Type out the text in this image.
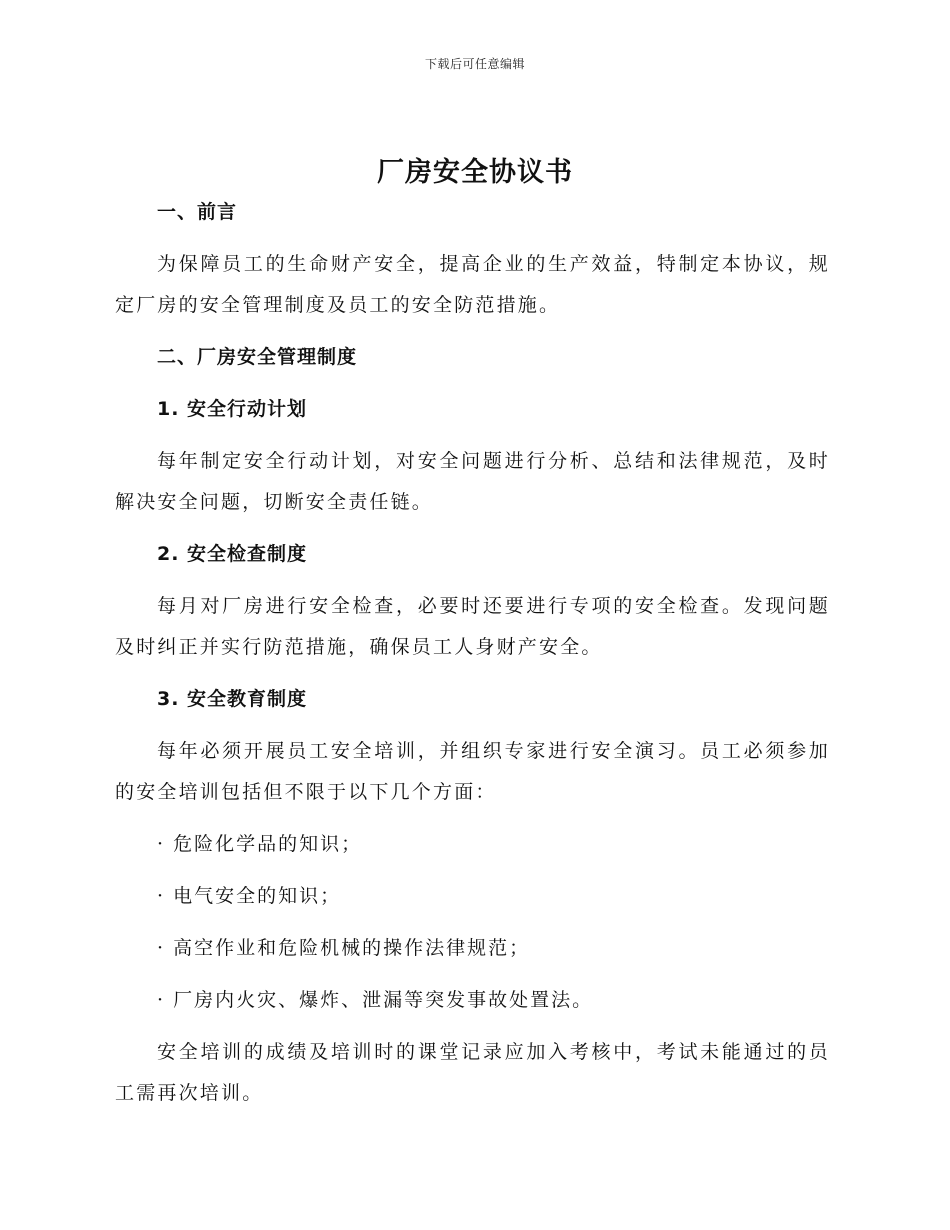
下载后可任意编辑
厂房安全协议书
一、前言
为保障员工的生命财产安全，提高企业的生产效益，特制定本协议，规定厂房的安全管理制度及员工的安全防范措施。
二、厂房安全管理制度
1. 安全行动计划
每年制定安全行动计划，对安全问题进行分析、总结和法律规范，及时解决安全问题，切断安全责任链。
2. 安全检查制度
每月对厂房进行安全检查，必要时还要进行专项的安全检查。发现问题及时纠正并实行防范措施，确保员工人身财产安全。
3. 安全教育制度
每年必须开展员工安全培训，并组织专家进行安全演习。员工必须参加的安全培训包括但不限于以下几个方面：
· 危险化学品的知识；
· 电气安全的知识；
· 高空作业和危险机械的操作法律规范；
· 厂房内火灾、爆炸、泄漏等突发事故处置法。
安全培训的成绩及培训时的课堂记录应加入考核中，考试未能通过的员工需再次培训。
